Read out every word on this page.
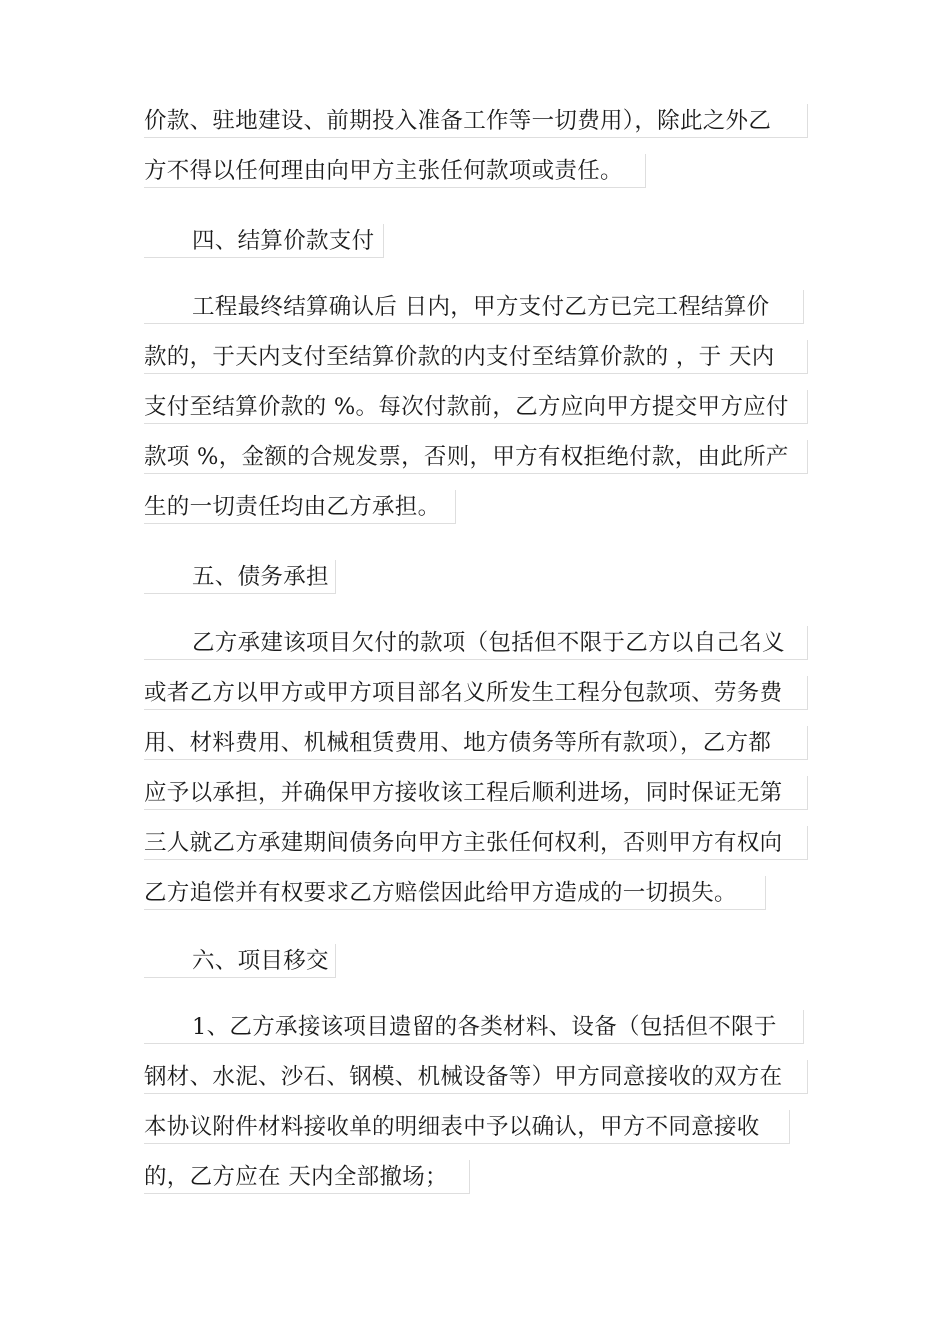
价款、驻地建设、前期投入准备工作等一切费用），除此之外乙
方不得以任何理由向甲方主张任何款项或责任。
四、结算价款支付
工程最终结算确认后 日内，甲方支付乙方已完工程结算价
款的，于天内支付至结算价款的内支付至结算价款的 ，于 天内
支付至结算价款的 %。每次付款前，乙方应向甲方提交甲方应付
款项 %，金额的合规发票，否则，甲方有权拒绝付款，由此所产
生的一切责任均由乙方承担。
五、债务承担
乙方承建该项目欠付的款项（包括但不限于乙方以自己名义
或者乙方以甲方或甲方项目部名义所发生工程分包款项、劳务费
用、材料费用、机械租赁费用、地方债务等所有款项），乙方都
应予以承担，并确保甲方接收该工程后顺利进场，同时保证无第
三人就乙方承建期间债务向甲方主张任何权利，否则甲方有权向
乙方追偿并有权要求乙方赔偿因此给甲方造成的一切损失。
六、项目移交
1、乙方承接该项目遗留的各类材料、设备（包括但不限于
钢材、水泥、沙石、钢模、机械设备等）甲方同意接收的双方在
本协议附件材料接收单的明细表中予以确认，甲方不同意接收
的，乙方应在 天内全部撤场；
